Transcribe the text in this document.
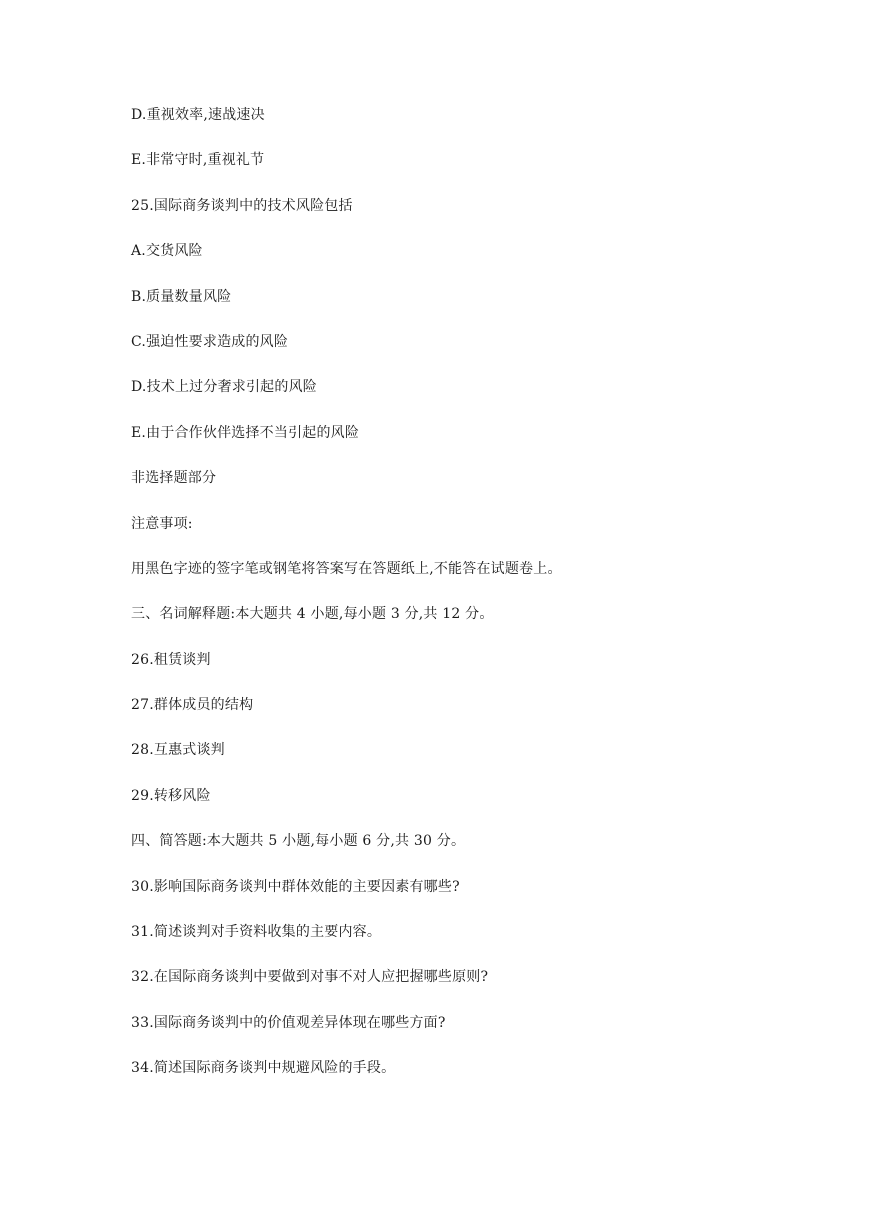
D.重视效率,速战速决

E.非常守时,重视礼节

25.国际商务谈判中的技术风险包括

A.交货风险

B.质量数量风险

C.强迫性要求造成的风险

D.技术上过分奢求引起的风险

E.由于合作伙伴选择不当引起的风险

非选择题部分

注意事项:

用黑色字迹的签字笔或钢笔将答案写在答题纸上,不能答在试题卷上。

三、名词解释题:本大题共 4 小题,每小题 3 分,共 12 分。

26.租赁谈判

27.群体成员的结构

28.互惠式谈判

29.转移风险

四、简答题:本大题共 5 小题,每小题 6 分,共 30 分。

30.影响国际商务谈判中群体效能的主要因素有哪些?

31.简述谈判对手资料收集的主要内容。

32.在国际商务谈判中要做到对事不对人应把握哪些原则?

33.国际商务谈判中的价值观差异体现在哪些方面?

34.简述国际商务谈判中规避风险的手段。
